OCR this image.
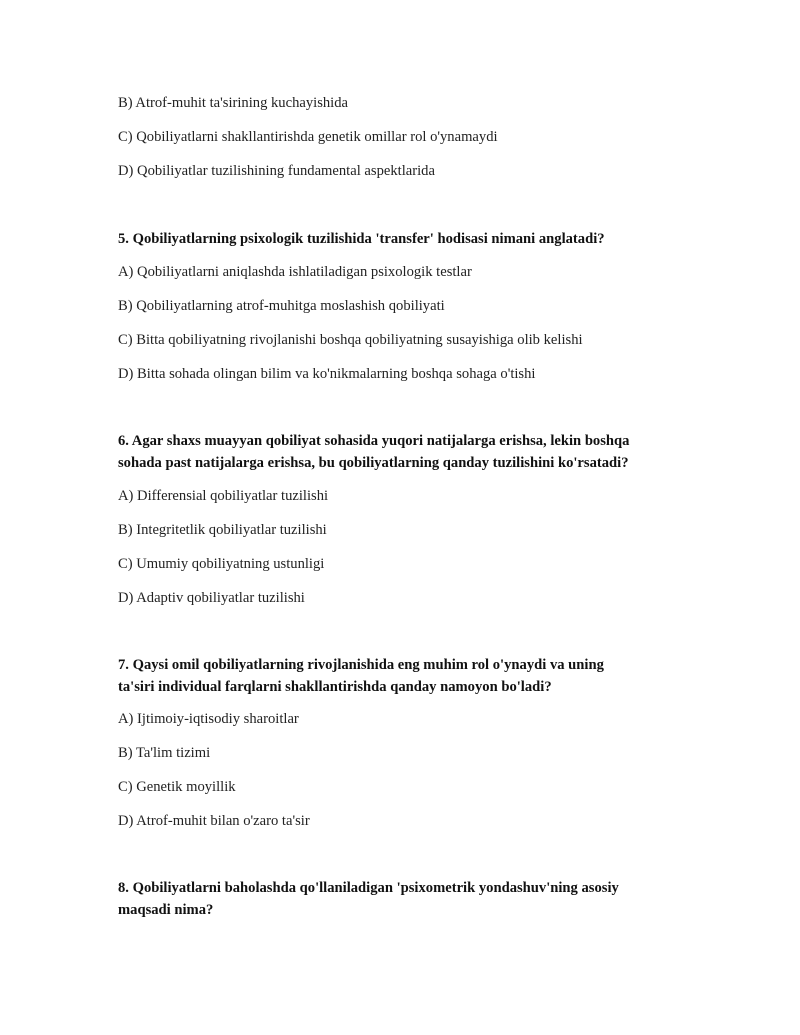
B) Atrof-muhit ta'sirining kuchayishida
C) Qobiliyatlarni shakllantirishda genetik omillar rol o'ynamaydi
D) Qobiliyatlar tuzilishining fundamental aspektlarida
5. Qobiliyatlarning psixologik tuzilishida 'transfer' hodisasi nimani anglatadi?
A) Qobiliyatlarni aniqlashda ishlatiladigan psixologik testlar
B) Qobiliyatlarning atrof-muhitga moslashish qobiliyati
C) Bitta qobiliyatning rivojlanishi boshqa qobiliyatning susayishiga olib kelishi
D) Bitta sohada olingan bilim va ko'nikmalarning boshqa sohaga o'tishi
6. Agar shaxs muayyan qobiliyat sohasida yuqori natijalarga erishsa, lekin boshqa
sohada past natijalarga erishsa, bu qobiliyatlarning qanday tuzilishini ko'rsatadi?
A) Differensial qobiliyatlar tuzilishi
B) Integritetlik qobiliyatlar tuzilishi
C) Umumiy qobiliyatning ustunligi
D) Adaptiv qobiliyatlar tuzilishi
7. Qaysi omil qobiliyatlarning rivojlanishida eng muhim rol o'ynaydi va uning
ta'siri individual farqlarni shakllantirishda qanday namoyon bo'ladi?
A) Ijtimoiy-iqtisodiy sharoitlar
B) Ta'lim tizimi
C) Genetik moyillik
D) Atrof-muhit bilan o'zaro ta'sir
8. Qobiliyatlarni baholashda qo'llaniladigan 'psixometrik yondashuv'ning asosiy
maqsadi nima?
